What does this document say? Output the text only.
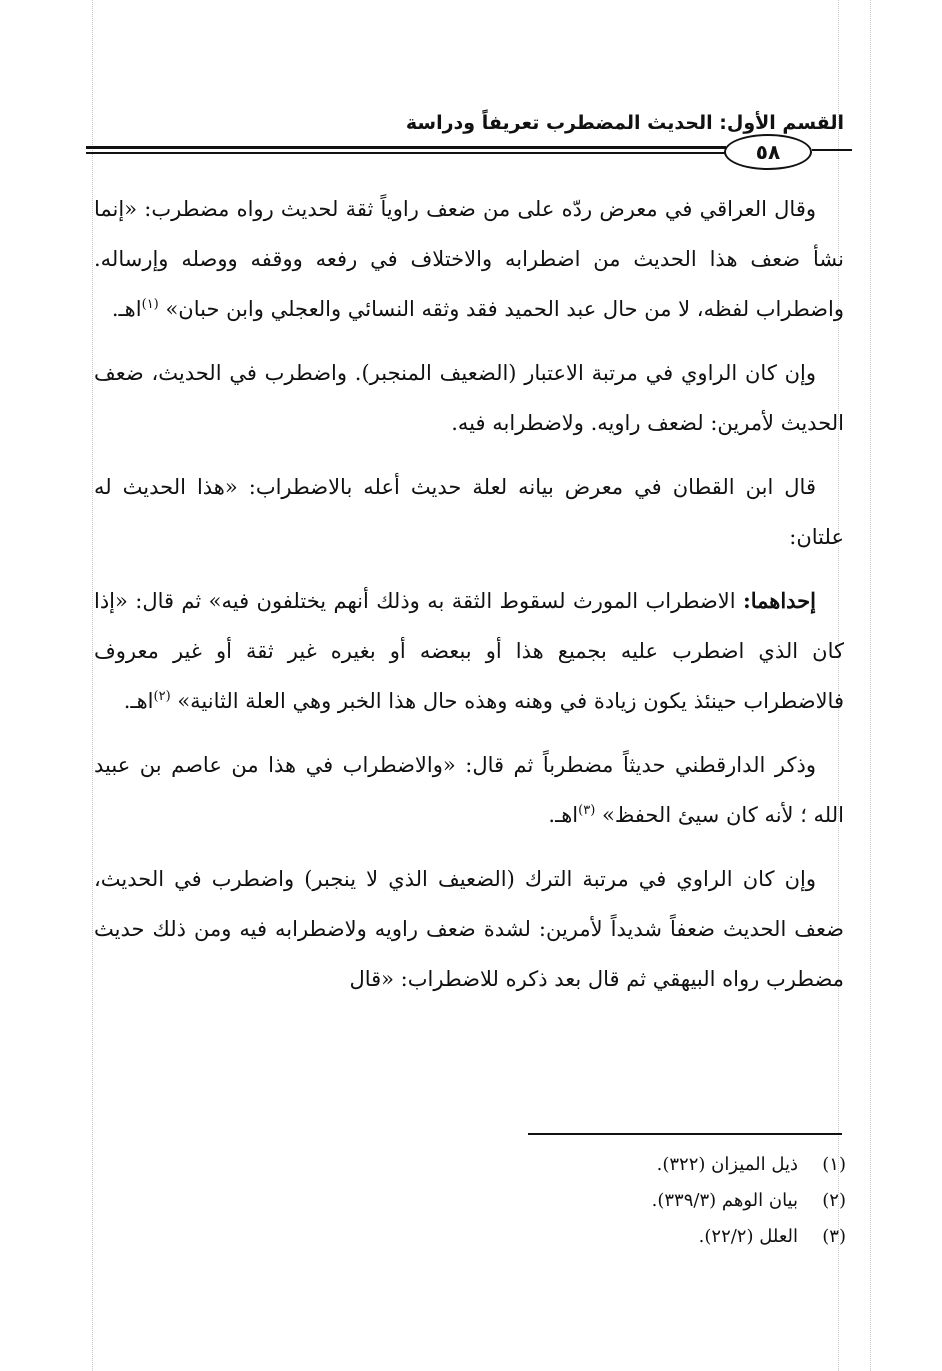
القسم الأول: الحديث المضطرب تعريفاً ودراسة
٥٨

وقال العراقي في معرض ردّه على من ضعف راوياً ثقة لحديث رواه مضطرب: «إنما نشأ ضعف هذا الحديث من اضطرابه والاختلاف في رفعه ووقفه ووصله وإرساله. واضطراب لفظه، لا من حال عبد الحميد فقد وثقه النسائي والعجلي وابن حبان» $^{(١)}$اهـ.

وإن كان الراوي في مرتبة الاعتبار (الضعيف المنجبر). واضطرب في الحديث، ضعف الحديث لأمرين: لضعف راويه. ولاضطرابه فيه.

قال ابن القطان في معرض بيانه لعلة حديث أعله بالاضطراب: «هذا الحديث له علتان:

إحداهما: الاضطراب المورث لسقوط الثقة به وذلك أنهم يختلفون فيه» ثم قال: «إذا كان الذي اضطرب عليه بجميع هذا أو ببعضه أو بغيره غير ثقة أو غير معروف فالاضطراب حينئذ يكون زيادة في وهنه وهذه حال هذا الخبر وهي العلة الثانية» $^{(٢)}$اهـ.

وذكر الدارقطني حديثاً مضطرباً ثم قال: «والاضطراب في هذا من عاصم بن عبيد الله ؛ لأنه كان سيئ الحفظ» $^{(٣)}$اهـ.

وإن كان الراوي في مرتبة الترك (الضعيف الذي لا ينجبر) واضطرب في الحديث، ضعف الحديث ضعفاً شديداً لأمرين: لشدة ضعف راويه ولاضطرابه فيه ومن ذلك حديث مضطرب رواه البيهقي ثم قال بعد ذكره للاضطراب: «قال

(١)
ذيل الميزان (٣٢٢).
(٢)
بيان الوهم (٣٣٩/٣).
(٣)
العلل (٢٢/٢).
